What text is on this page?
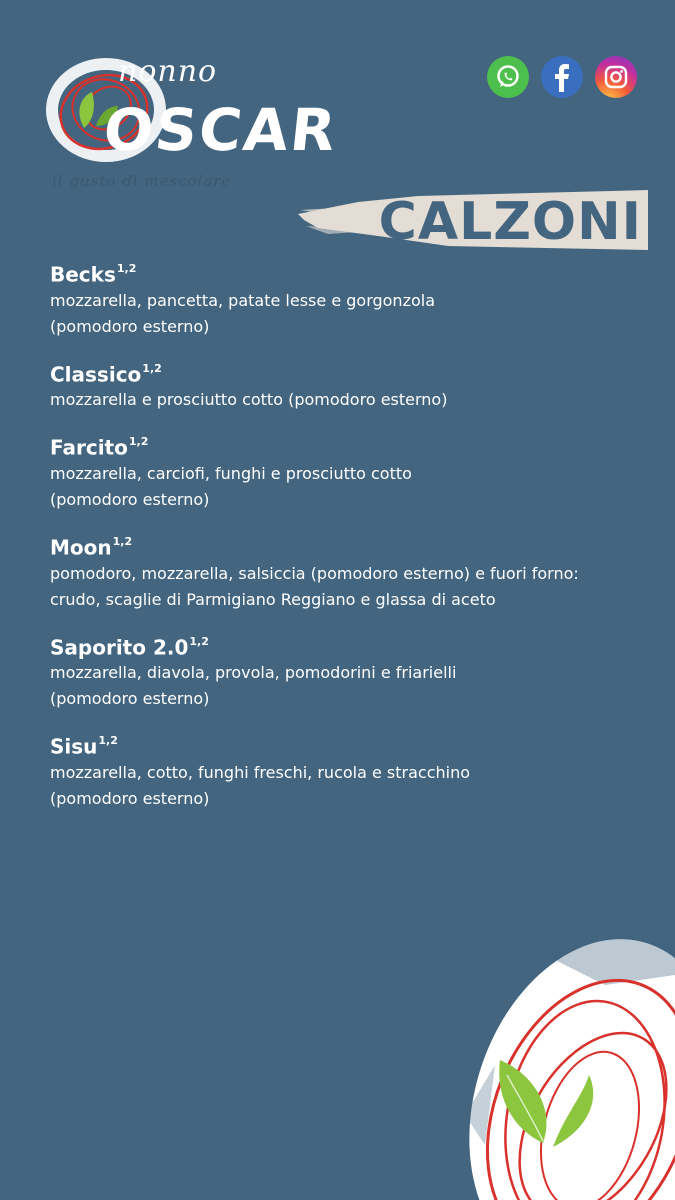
nonno
OSCAR
il gusto di mescolare
CALZONI
Becks$^{1,2}$
mozzarella, pancetta, patate lesse e gorgonzola
(pomodoro esterno)
Classico$^{1,2}$
mozzarella e prosciutto cotto (pomodoro esterno)
Farcito$^{1,2}$
mozzarella, carciofi, funghi e prosciutto cotto
(pomodoro esterno)
Moon$^{1,2}$
pomodoro, mozzarella, salsiccia (pomodoro esterno) e fuori forno:
crudo, scaglie di Parmigiano Reggiano e glassa di aceto
Saporito 2.0$^{1,2}$
mozzarella, diavola, provola, pomodorini e friarielli
(pomodoro esterno)
Sisu$^{1,2}$
mozzarella, cotto, funghi freschi, rucola e stracchino
(pomodoro esterno)
